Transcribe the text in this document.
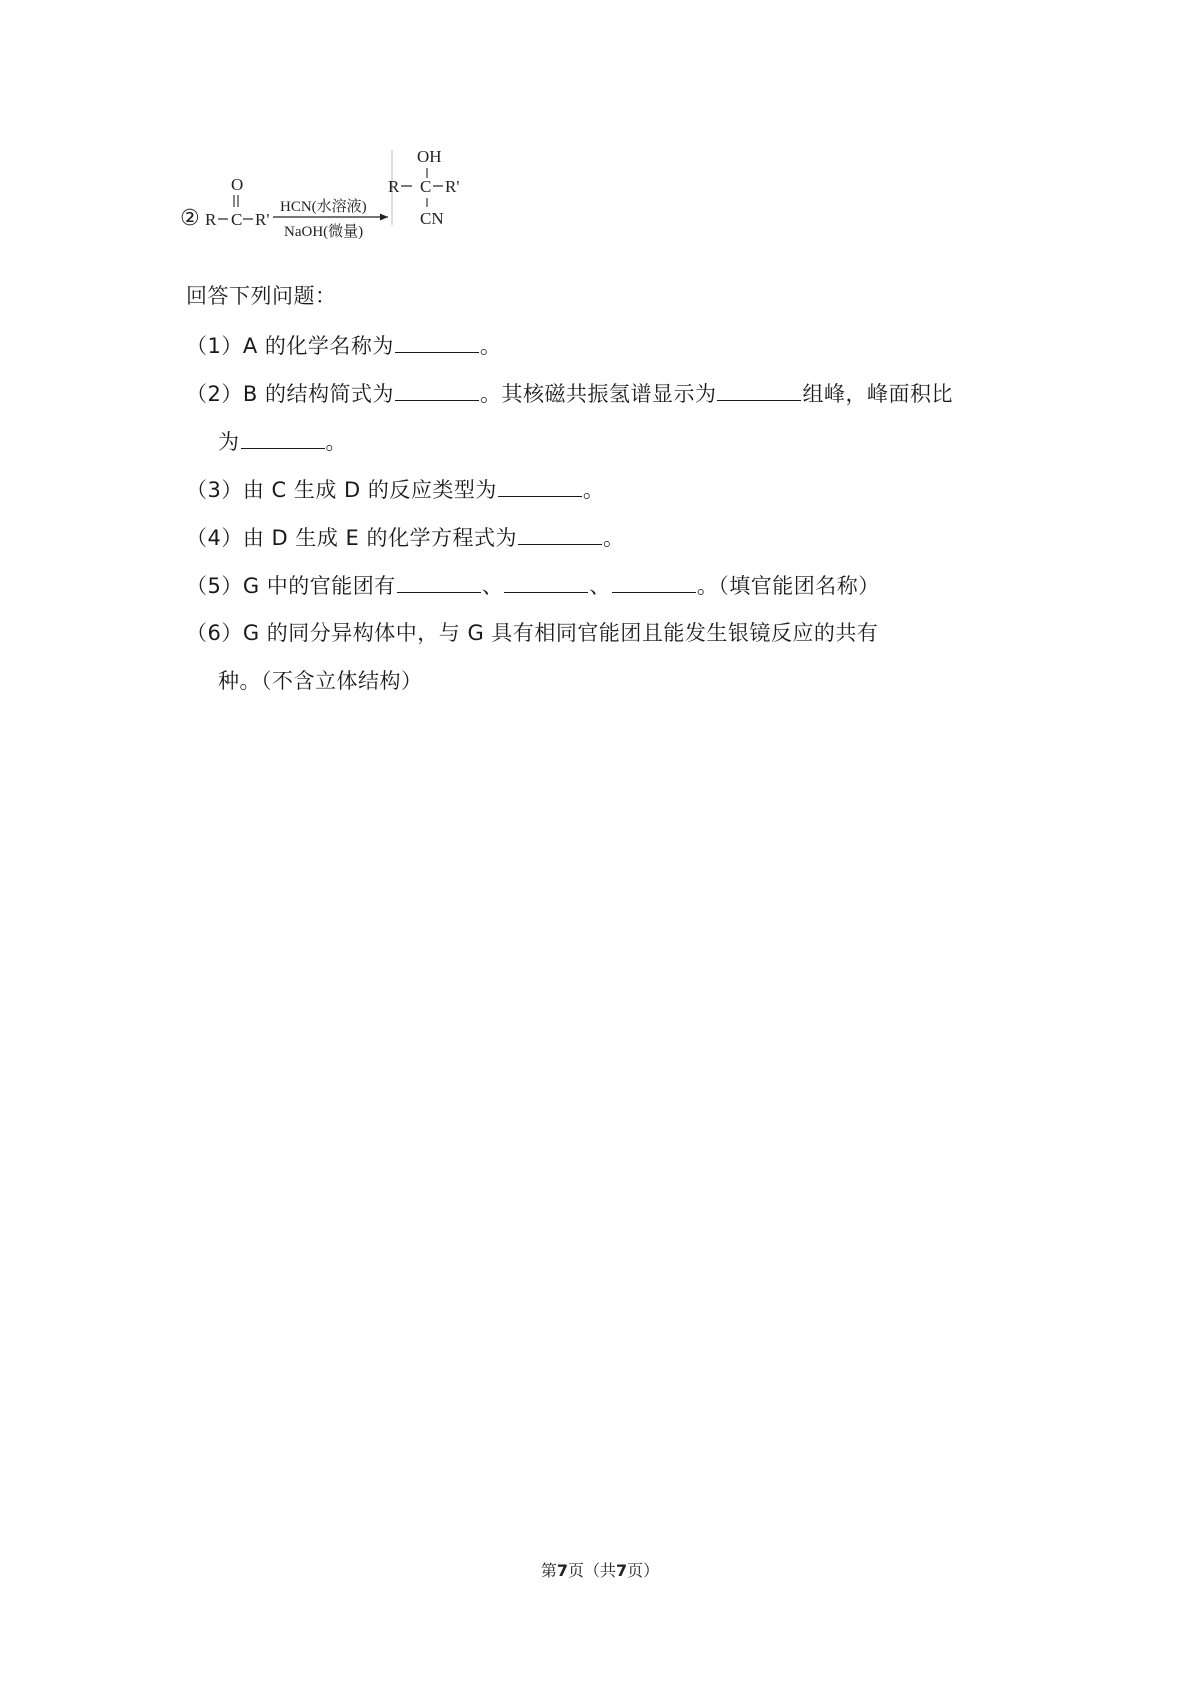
② R C R'
O
HCN(水溶液)
NaOH(微量)
OH
R C R'
CN
回答下列问题：
（1）A 的化学名称为	。
（2）B 的结构简式为	。其核磁共振氢谱显示为	组峰，峰面积比
为	。
（3）由 C 生成 D 的反应类型为	。
（4）由 D 生成 E 的化学方程式为	。
（5）G 中的官能团有	、	、	。（填官能团名称）
（6）G 的同分异构体中，与 G 具有相同官能团且能发生银镜反应的共有
种。（不含立体结构）
第7页（共7页）
